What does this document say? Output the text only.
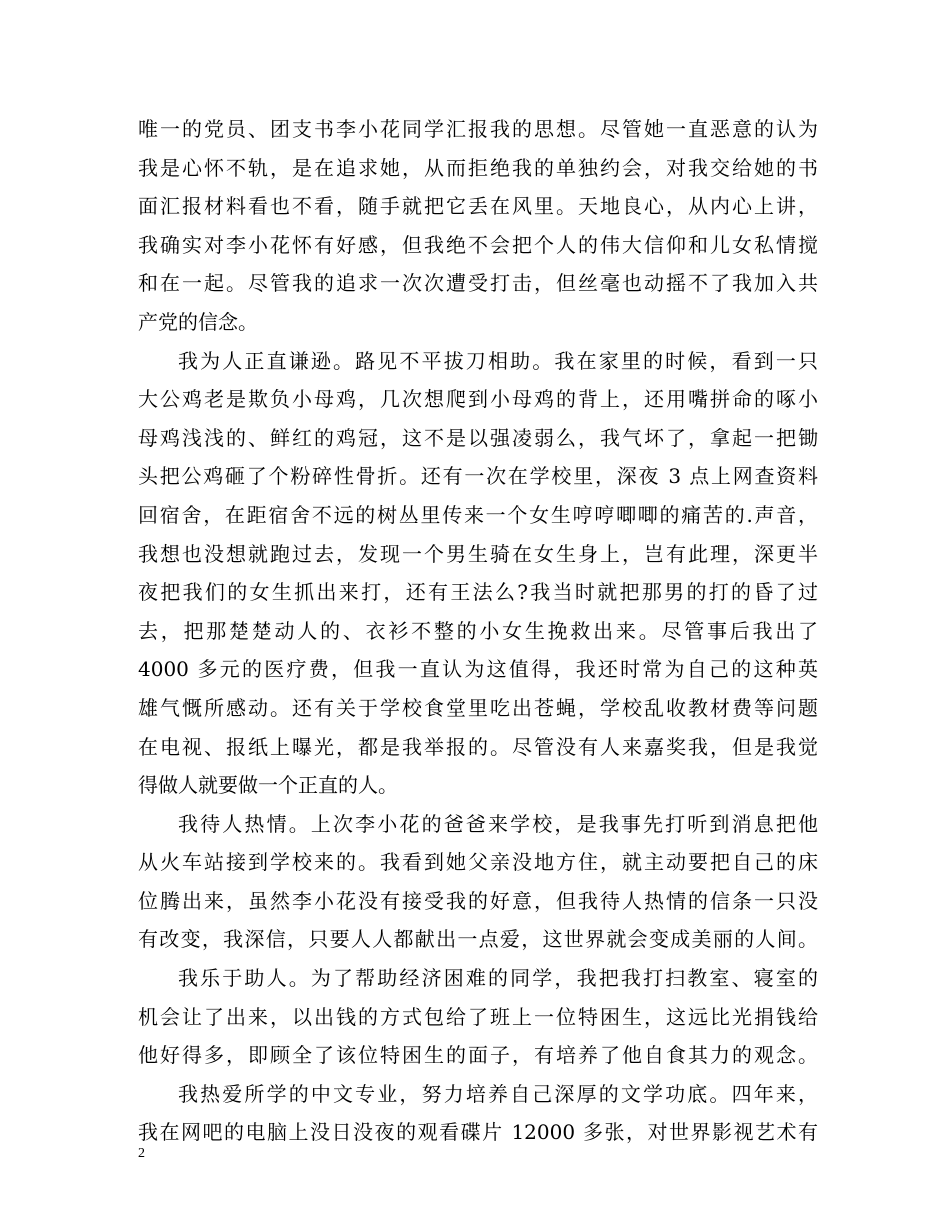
唯一的党员、团支书李小花同学汇报我的思想。尽管她一直恶意的认为
我是心怀不轨，是在追求她，从而拒绝我的单独约会，对我交给她的书
面汇报材料看也不看，随手就把它丢在风里。天地良心，从内心上讲，
我确实对李小花怀有好感，但我绝不会把个人的伟大信仰和儿女私情搅
和在一起。尽管我的追求一次次遭受打击，但丝毫也动摇不了我加入共
产党的信念。
我为人正直谦逊。路见不平拔刀相助。我在家里的时候，看到一只
大公鸡老是欺负小母鸡，几次想爬到小母鸡的背上，还用嘴拼命的啄小
母鸡浅浅的、鲜红的鸡冠，这不是以强凌弱么，我气坏了，拿起一把锄
头把公鸡砸了个粉碎性骨折。还有一次在学校里，深夜 3 点上网查资料
回宿舍，在距宿舍不远的树丛里传来一个女生哼哼唧唧的痛苦的.声音，
我想也没想就跑过去，发现一个男生骑在女生身上，岂有此理，深更半
夜把我们的女生抓出来打，还有王法么?我当时就把那男的打的昏了过
去，把那楚楚动人的、衣衫不整的小女生挽救出来。尽管事后我出了
4000 多元的医疗费，但我一直认为这值得，我还时常为自己的这种英
雄气慨所感动。还有关于学校食堂里吃出苍蝇，学校乱收教材费等问题
在电视、报纸上曝光，都是我举报的。尽管没有人来嘉奖我，但是我觉
得做人就要做一个正直的人。
我待人热情。上次李小花的爸爸来学校，是我事先打听到消息把他
从火车站接到学校来的。我看到她父亲没地方住，就主动要把自己的床
位腾出来，虽然李小花没有接受我的好意，但我待人热情的信条一只没
有改变，我深信，只要人人都献出一点爱，这世界就会变成美丽的人间。
我乐于助人。为了帮助经济困难的同学，我把我打扫教室、寝室的
机会让了出来，以出钱的方式包给了班上一位特困生，这远比光捐钱给
他好得多，即顾全了该位特困生的面子，有培养了他自食其力的观念。
我热爱所学的中文专业，努力培养自己深厚的文学功底。四年来，
我在网吧的电脑上没日没夜的观看碟片 12000 多张，对世界影视艺术有
2
